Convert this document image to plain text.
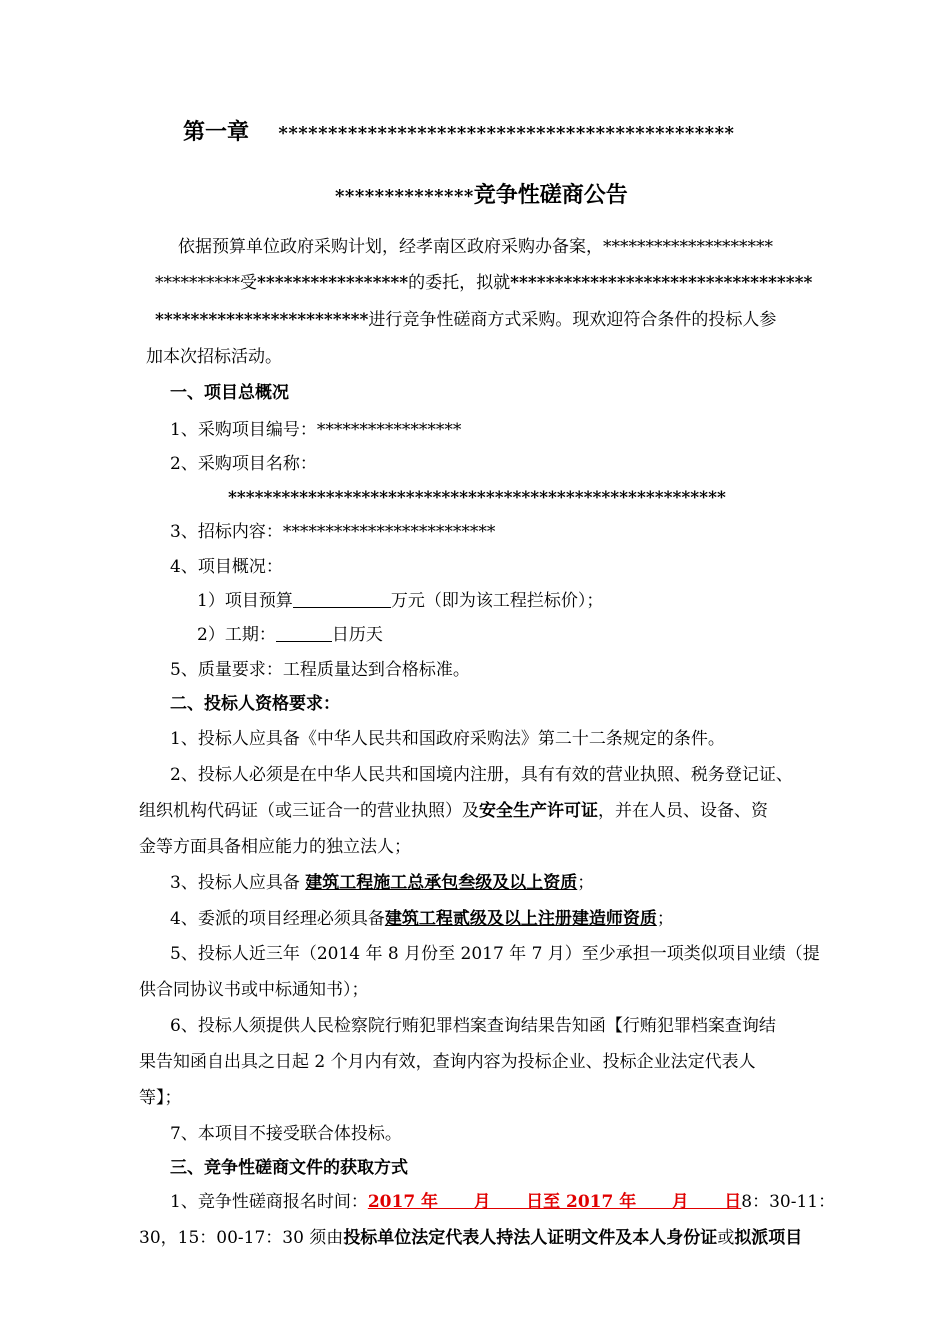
第一章 **********************************************
**************竞争性磋商公告
依据预算单位政府采购计划，经孝南区政府采购办备案，********************
**********受*****************的委托，拟就**********************************
************************进行竞争性磋商方式采购。现欢迎符合条件的投标人参
加本次招标活动。
一、项目总概况
1、采购项目编号：*****************
2、采购项目名称：
********************************************************
3、招标内容：*************************
4、项目概况：
1）项目预算	万元（即为该工程拦标价）；
2）工期：	日历天
5、质量要求：工程质量达到合格标准。
二、投标人资格要求：
1、投标人应具备《中华人民共和国政府采购法》第二十二条规定的条件。
2、投标人必须是在中华人民共和国境内注册，具有有效的营业执照、税务登记证、
组织机构代码证（或三证合一的营业执照）及安全生产许可证，并在人员、设备、资
金等方面具备相应能力的独立法人；
3、投标人应具备 建筑工程施工总承包叁级及以上资质；
4、委派的项目经理必须具备建筑工程贰级及以上注册建造师资质；
5、投标人近三年（2014 年 8 月份至 2017 年 7 月）至少承担一项类似项目业绩（提
供合同协议书或中标通知书）；
6、投标人须提供人民检察院行贿犯罪档案查询结果告知函【行贿犯罪档案查询结
果告知函自出具之日起 2 个月内有效，查询内容为投标企业、投标企业法定代表人
等】；
7、本项目不接受联合体投标。
三、竞争性磋商文件的获取方式
1、竞争性磋商报名时间：2017 年      月      日至 2017 年      月      日8：30-11：
30，15：00-17：30 须由投标单位法定代表人持法人证明文件及本人身份证或拟派项目
